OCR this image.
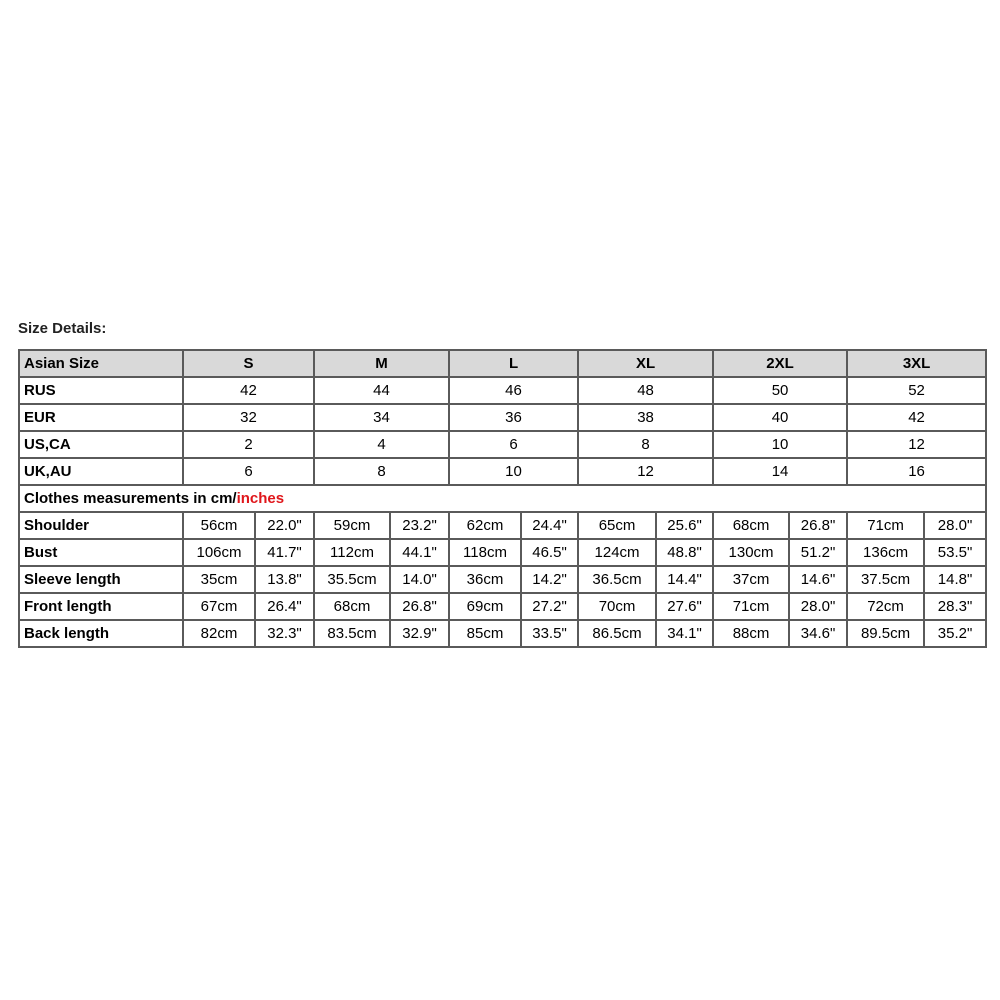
Size Details:
Asian Size	S		M		L		XL		2XL		3XL	
RUS	42		44		46		48		50		52	
EUR	32		34		36		38		40		42	
US,CA	2		4		6		8		10		12	
UK,AU	6		8		10		12		14		16	
Clothes measurements in cm/inches												
Shoulder	56cm	22.0"	59cm	23.2"	62cm	24.4"	65cm	25.6"	68cm	26.8"	71cm	28.0"
Bust	106cm	41.7"	112cm	44.1"	118cm	46.5"	124cm	48.8"	130cm	51.2"	136cm	53.5"
Sleeve length	35cm	13.8"	35.5cm	14.0"	36cm	14.2"	36.5cm	14.4"	37cm	14.6"	37.5cm	14.8"
Front length	67cm	26.4"	68cm	26.8"	69cm	27.2"	70cm	27.6"	71cm	28.0"	72cm	28.3"
Back length	82cm	32.3"	83.5cm	32.9"	85cm	33.5"	86.5cm	34.1"	88cm	34.6"	89.5cm	35.2"
